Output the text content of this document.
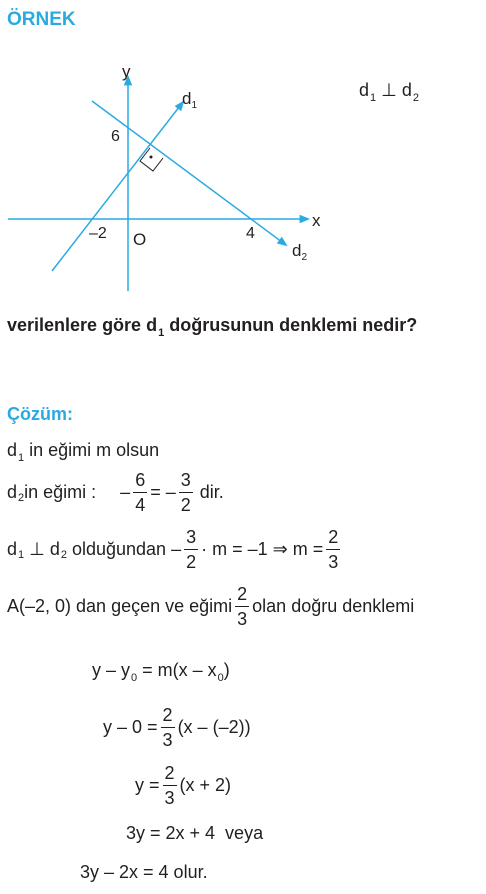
ÖRNEK
y
x
O
6
–2	4
$d_1$
$d_2$
$d_1$ ⊥ $d_2$
verilenlere göre $d_1$ doğrusunun denklemi nedir?
Çözüm:
$d_1$ in eğimi m olsun
d 2 in eğimi : – $\frac{6}{4}$ = – $\frac{3}{2}$ dir.
d 1 ⊥ d 2 olduğundan – $\frac{3}{2} \cdot m = -1$ ⇒ $m = \frac{2}{3}$
A(–2, 0) dan geçen ve eğimi $\frac{2}{3}$ olan doğru denklemi
$y - y_0 = m(x - x_0)$
$y - 0 = \frac{2}{3} (x - (-2))$
$y = \frac{2}{3} (x + 2)$
3y = 2x + 4  veya
3y – 2x = 4 olur.
